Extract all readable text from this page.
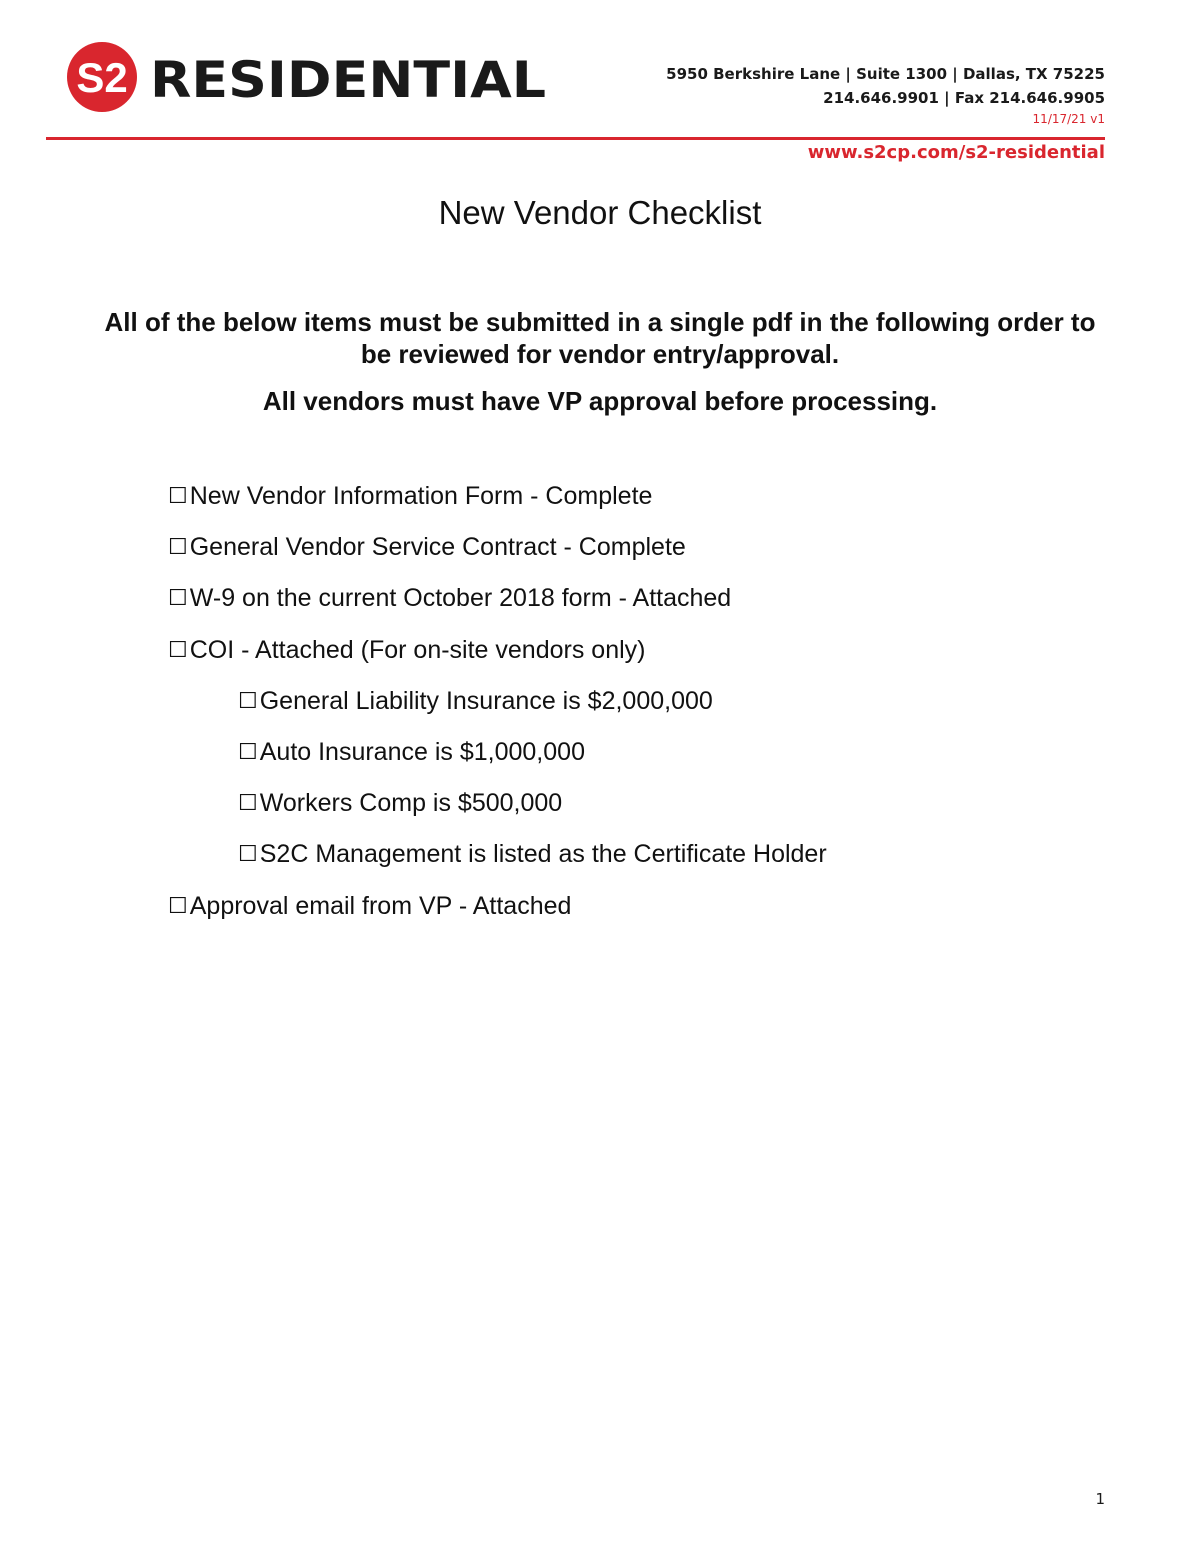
S2 RESIDENTIAL	5950 Berkshire Lane | Suite 1300 | Dallas, TX 75225
214.646.9901 | Fax 214.646.9905
11/17/21 v1
www.s2cp.com/s2-residential
New Vendor Checklist

All of the below items must be submitted in a single pdf in the following order to be reviewed for vendor entry/approval.

All vendors must have VP approval before processing.

☐ New Vendor Information Form - Complete
☐ General Vendor Service Contract - Complete
☐ W-9 on the current October 2018 form - Attached
☐ COI - Attached (For on-site vendors only)
☐ General Liability Insurance is $2,000,000
☐ Auto Insurance is $1,000,000
☐ Workers Comp is $500,000
☐ S2C Management is listed as the Certificate Holder
☐ Approval email from VP - Attached
1
